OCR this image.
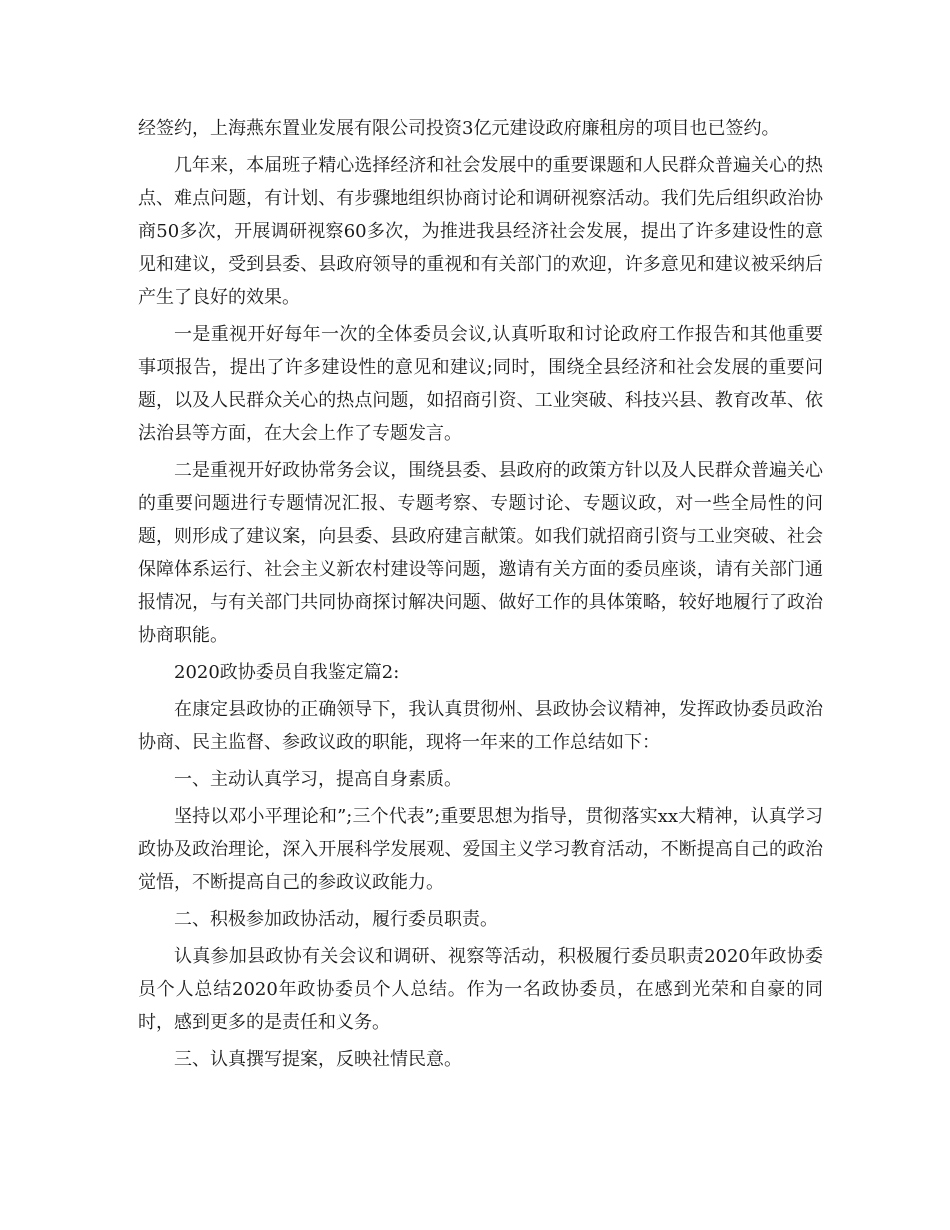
经签约，上海燕东置业发展有限公司投资3亿元建设政府廉租房的项目也已签约。

几年来，本届班子精心选择经济和社会发展中的重要课题和人民群众普遍关心的热点、难点问题，有计划、有步骤地组织协商讨论和调研视察活动。我们先后组织政治协商50多次，开展调研视察60多次，为推进我县经济社会发展，提出了许多建设性的意见和建议，受到县委、县政府领导的重视和有关部门的欢迎，许多意见和建议被采纳后产生了良好的效果。

一是重视开好每年一次的全体委员会议,认真听取和讨论政府工作报告和其他重要事项报告，提出了许多建设性的意见和建议;同时，围绕全县经济和社会发展的重要问题，以及人民群众关心的热点问题，如招商引资、工业突破、科技兴县、教育改革、依法治县等方面，在大会上作了专题发言。

二是重视开好政协常务会议，围绕县委、县政府的政策方针以及人民群众普遍关心的重要问题进行专题情况汇报、专题考察、专题讨论、专题议政，对一些全局性的问题，则形成了建议案，向县委、县政府建言献策。如我们就招商引资与工业突破、社会保障体系运行、社会主义新农村建设等问题，邀请有关方面的委员座谈，请有关部门通报情况，与有关部门共同协商探讨解决问题、做好工作的具体策略，较好地履行了政治协商职能。

2020政协委员自我鉴定篇2:

在康定县政协的正确领导下，我认真贯彻州、县政协会议精神，发挥政协委员政治协商、民主监督、参政议政的职能，现将一年来的工作总结如下：

一、主动认真学习，提高自身素质。

坚持以邓小平理论和”;三个代表”;重要思想为指导，贯彻落实xx大精神，认真学习政协及政治理论，深入开展科学发展观、爱国主义学习教育活动，不断提高自己的政治觉悟，不断提高自己的参政议政能力。

二、积极参加政协活动，履行委员职责。

认真参加县政协有关会议和调研、视察等活动，积极履行委员职责2020年政协委员个人总结2020年政协委员个人总结。作为一名政协委员，在感到光荣和自豪的同时，感到更多的是责任和义务。

三、认真撰写提案，反映社情民意。
